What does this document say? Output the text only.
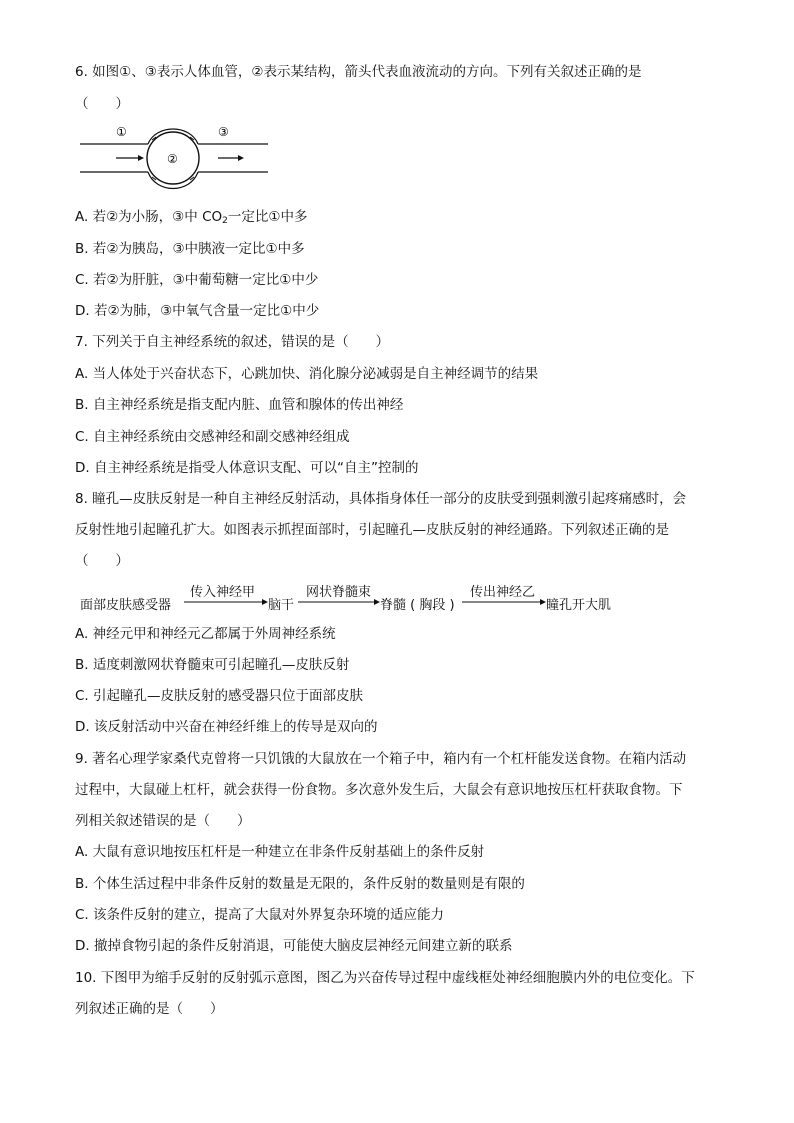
6. 如图①、③表示人体血管，②表示某结构，箭头代表血液流动的方向。下列有关叙述正确的是
（　　）
①
②
③
A. 若②为小肠，③中 $CO_2$一定比①中多
B. 若②为胰岛，③中胰液一定比①中多
C. 若②为肝脏，③中葡萄糖一定比①中少
D. 若②为肺，③中氧气含量一定比①中少
7. 下列关于自主神经系统的叙述，错误的是（　　）
A. 当人体处于兴奋状态下，心跳加快、消化腺分泌减弱是自主神经调节的结果
B. 自主神经系统是指支配内脏、血管和腺体的传出神经
C. 自主神经系统由交感神经和副交感神经组成
D. 自主神经系统是指受人体意识支配、可以“自主”控制的
8. 瞳孔—皮肤反射是一种自主神经反射活动，具体指身体任一部分的皮肤受到强刺激引起疼痛感时，会
反射性地引起瞳孔扩大。如图表示抓捏面部时，引起瞳孔—皮肤反射的神经通路。下列叙述正确的是
（　　）
面部皮肤感受器
传入神经甲
脑干
网状脊髓束
脊髓 ( 胸段 )
传出神经乙
瞳孔开大肌
A. 神经元甲和神经元乙都属于外周神经系统
B. 适度刺激网状脊髓束可引起瞳孔—皮肤反射
C. 引起瞳孔—皮肤反射的感受器只位于面部皮肤
D. 该反射活动中兴奋在神经纤维上的传导是双向的
9. 著名心理学家桑代克曾将一只饥饿的大鼠放在一个箱子中，箱内有一个杠杆能发送食物。在箱内活动
过程中，大鼠碰上杠杆，就会获得一份食物。多次意外发生后，大鼠会有意识地按压杠杆获取食物。下
列相关叙述错误的是（　　）
A. 大鼠有意识地按压杠杆是一种建立在非条件反射基础上的条件反射
B. 个体生活过程中非条件反射的数量是无限的，条件反射的数量则是有限的
C. 该条件反射的建立，提高了大鼠对外界复杂环境的适应能力
D. 撤掉食物引起的条件反射消退，可能使大脑皮层神经元间建立新的联系
10. 下图甲为缩手反射的反射弧示意图，图乙为兴奋传导过程中虚线框处神经细胞膜内外的电位变化。下
列叙述正确的是（　　）
